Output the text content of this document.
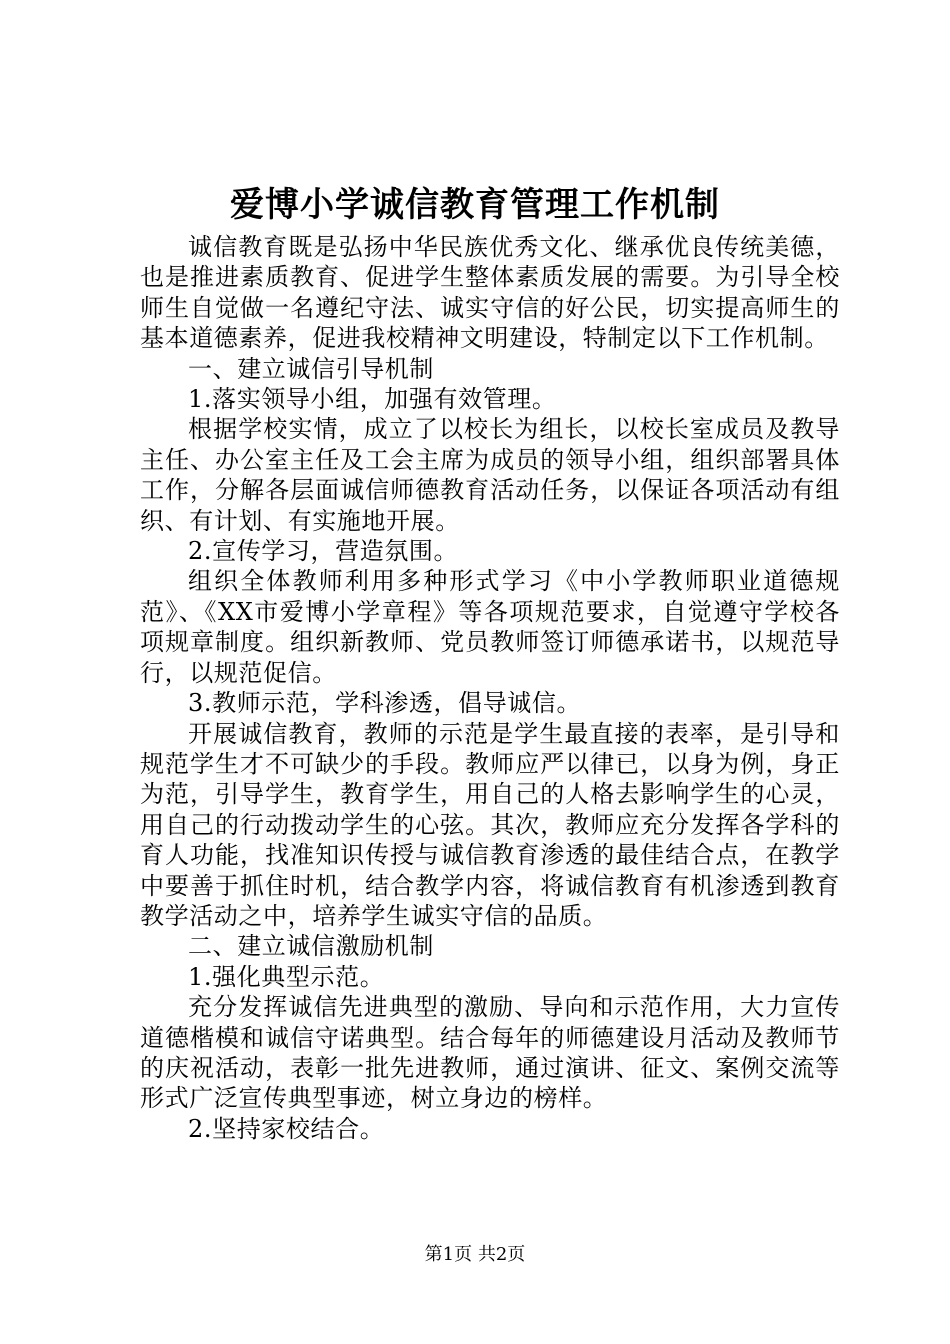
爱博小学诚信教育管理工作机制

诚信教育既是弘扬中华民族优秀文化、继承优良传统美德，也是推进素质教育、促进学生整体素质发展的需要。为引导全校师生自觉做一名遵纪守法、诚实守信的好公民，切实提高师生的基本道德素养，促进我校精神文明建设，特制定以下工作机制。

一、建立诚信引导机制

1.落实领导小组，加强有效管理。

根据学校实情，成立了以校长为组长，以校长室成员及教导主任、办公室主任及工会主席为成员的领导小组，组织部署具体工作，分解各层面诚信师德教育活动任务，以保证各项活动有组织、有计划、有实施地开展。

2.宣传学习，营造氛围。

组织全体教师利用多种形式学习《中小学教师职业道德规范》、《XX市爱博小学章程》等各项规范要求，自觉遵守学校各项规章制度。组织新教师、党员教师签订师德承诺书，以规范导行，以规范促信。

3.教师示范，学科渗透，倡导诚信。

开展诚信教育，教师的示范是学生最直接的表率，是引导和规范学生才不可缺少的手段。教师应严以律已，以身为例，身正为范，引导学生，教育学生，用自己的人格去影响学生的心灵，用自己的行动拨动学生的心弦。其次，教师应充分发挥各学科的育人功能，找准知识传授与诚信教育渗透的最佳结合点，在教学中要善于抓住时机，结合教学内容，将诚信教育有机渗透到教育教学活动之中，培养学生诚实守信的品质。

二、建立诚信激励机制

1.强化典型示范。

充分发挥诚信先进典型的激励、导向和示范作用，大力宣传道德楷模和诚信守诺典型。结合每年的师德建设月活动及教师节的庆祝活动，表彰一批先进教师，通过演讲、征文、案例交流等形式广泛宣传典型事迹，树立身边的榜样。

2.坚持家校结合。

第1页 共2页
